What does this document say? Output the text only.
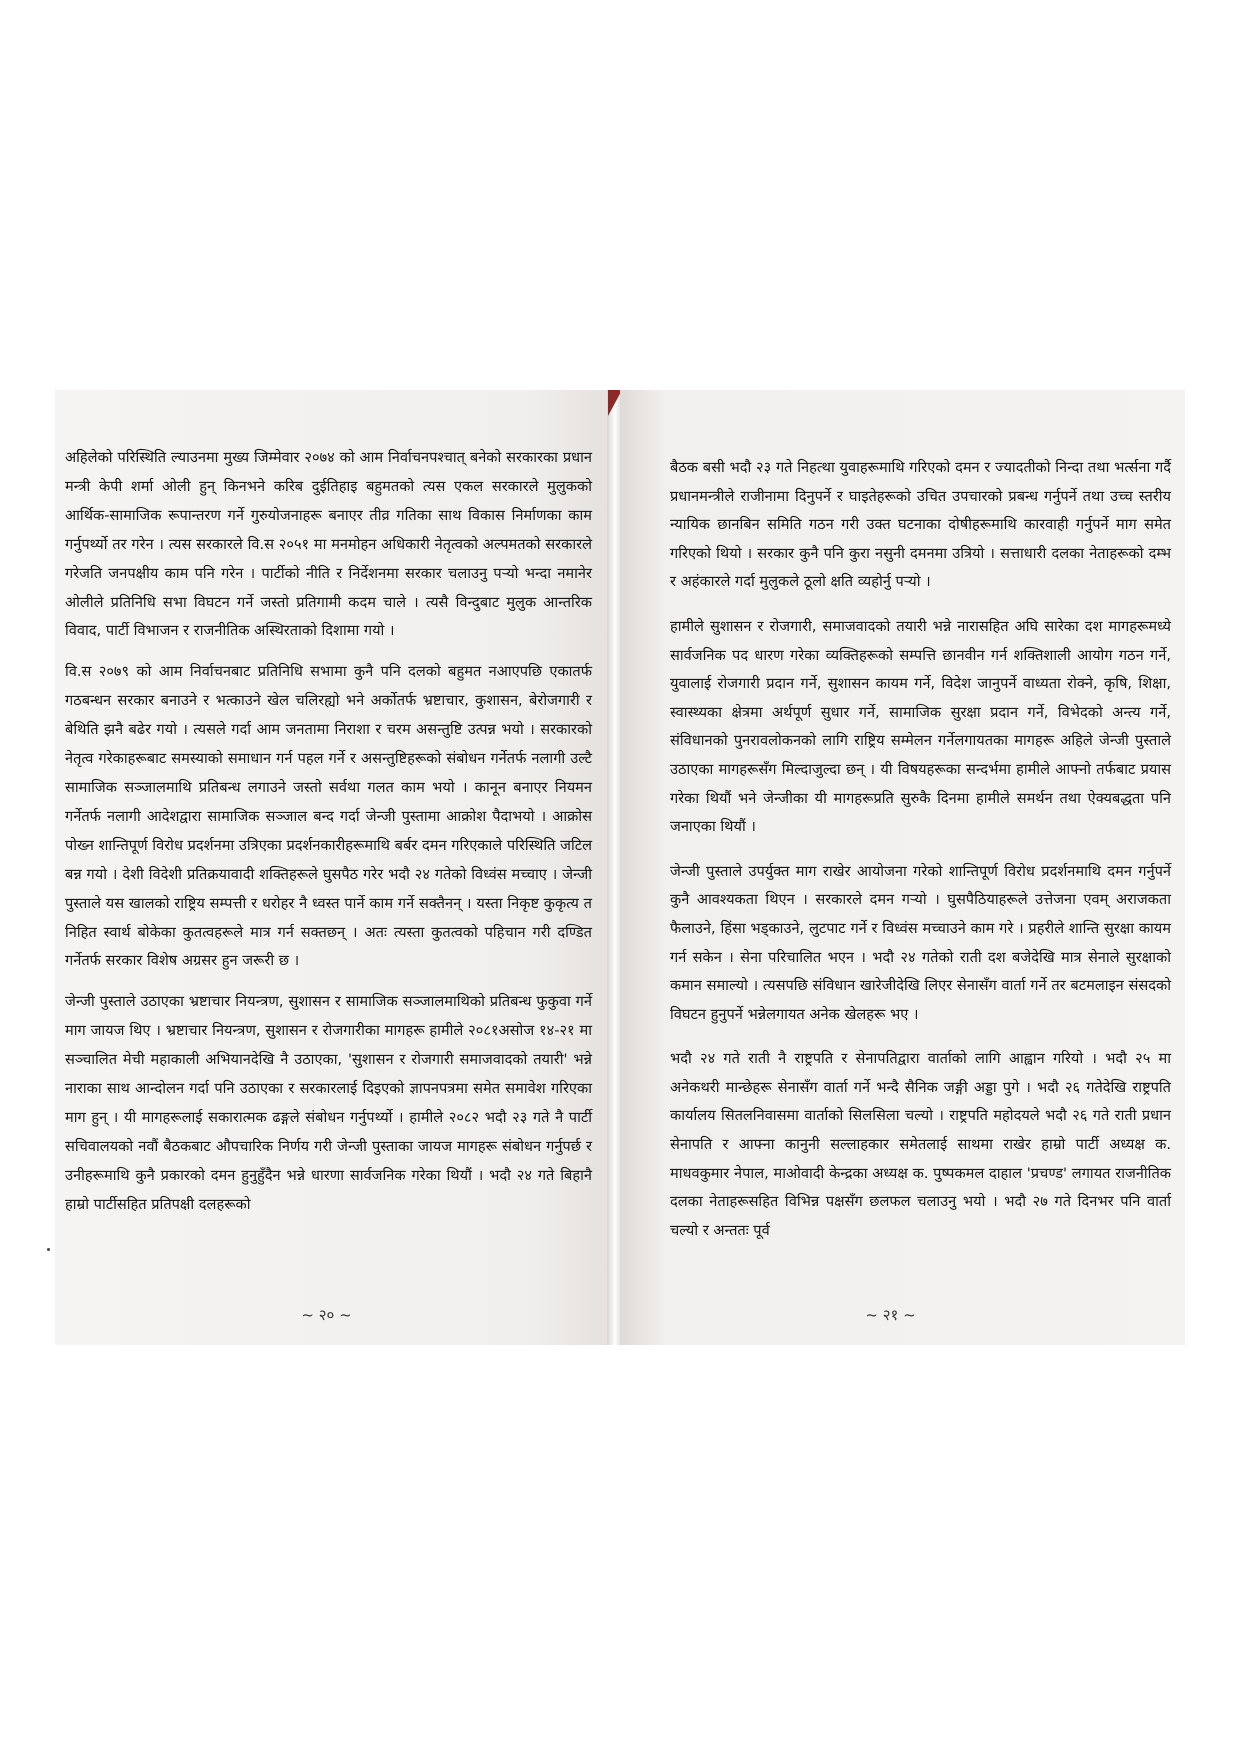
अहिलेको परिस्थिति ल्याउनमा मुख्य जिम्मेवार २०७४ को आम निर्वाचनपश्चात् बनेको सरकारका प्रधान मन्त्री केपी शर्मा ओली हुन् किनभने करिब दुईतिहाइ बहुमतको त्यस एकल सरकारले मुलुकको आर्थिक-सामाजिक रूपान्तरण गर्ने गुरुयोजनाहरू बनाएर तीव्र गतिका साथ विकास निर्माणका काम गर्नुपर्थ्यो तर गरेन । त्यस सरकारले वि.स २०५१ मा मनमोहन अधिकारी नेतृत्वको अल्पमतको सरकारले गरेजति जनपक्षीय काम पनि गरेन । पार्टीको नीति र निर्देशनमा सरकार चलाउनु पर्‍यो भन्दा नमानेर ओलीले प्रतिनिधि सभा विघटन गर्ने जस्तो प्रतिगामी कदम चाले । त्यसै विन्दुबाट मुलुक आन्तरिक विवाद, पार्टी विभाजन र राजनीतिक अस्थिरताको दिशामा गयो ।

वि.स २०७९ को आम निर्वाचनबाट प्रतिनिधि सभामा कुनै पनि दलको बहुमत नआएपछि एकातर्फ गठबन्धन सरकार बनाउने र भत्काउने खेल चलिरह्यो भने अर्कोतर्फ भ्रष्टाचार, कुशासन, बेरोजगारी र बेथिति झनै बढेर गयो । त्यसले गर्दा आम जनतामा निराशा र चरम असन्तुष्टि उत्पन्न भयो । सरकारको नेतृत्व गरेकाहरूबाट समस्याको समाधान गर्न पहल गर्ने र असन्तुष्टिहरूको संबोधन गर्नेतर्फ नलागी उल्टै सामाजिक सञ्जालमाथि प्रतिबन्ध लगाउने जस्तो सर्वथा गलत काम भयो । कानून बनाएर नियमन गर्नेतर्फ नलागी आदेशद्वारा सामाजिक सञ्जाल बन्द गर्दा जेन्जी पुस्तामा आक्रोश पैदाभयो । आक्रोस पोख्न शान्तिपूर्ण विरोध प्रदर्शनमा उत्रिएका प्रदर्शनकारीहरूमाथि बर्बर दमन गरिएकाले परिस्थिति जटिल बन्न गयो । देशी विदेशी प्रतिक्रयावादी शक्तिहरूले घुसपैठ गरेर भदौ २४ गतेको विध्वंस मच्चाए । जेन्जी पुस्ताले यस खालको राष्ट्रिय सम्पत्ती र धरोहर नै ध्वस्त पार्ने काम गर्ने सक्तैनन् । यस्ता निकृष्ट कुकृत्य त निहित स्वार्थ बोकेका कुतत्वहरूले मात्र गर्न सक्तछन् । अतः त्यस्ता कुतत्वको पहिचान गरी दण्डित गर्नेतर्फ सरकार विशेष अग्रसर हुन जरूरी छ ।

जेन्जी पुस्ताले उठाएका भ्रष्टाचार नियन्त्रण, सुशासन र सामाजिक सञ्जालमाथिको प्रतिबन्ध फुकुवा गर्ने माग जायज थिए । भ्रष्टाचार नियन्त्रण, सुशासन र रोजगारीका मागहरू हामीले २०८१असोज १४-२१ मा सञ्चालित मेची महाकाली अभियानदेखि नै उठाएका, 'सुशासन र रोजगारी समाजवादको तयारी' भन्ने नाराका साथ आन्दोलन गर्दा पनि उठाएका र सरकारलाई दिइएको ज्ञापनपत्रमा समेत समावेश गरिएका माग हुन् । यी मागहरूलाई सकारात्मक ढङ्गले संबोधन गर्नुपर्थ्यो । हामीले २०८२ भदौ २३ गते नै पार्टी सचिवालयको नवौं बैठकबाट औपचारिक निर्णय गरी जेन्जी पुस्ताका जायज मागहरू संबोधन गर्नुपर्छ र उनीहरूमाथि कुनै प्रकारको दमन हुनुहुँदैन भन्ने धारणा सार्वजनिक गरेका थियौं । भदौ २४ गते बिहानै हाम्रो पार्टीसहित प्रतिपक्षी दलहरूको

~ २० ~

बैठक बसी भदौ २३ गते निहत्था युवाहरूमाथि गरिएको दमन र ज्यादतीको निन्दा तथा भर्त्सना गर्दै प्रधानमन्त्रीले राजीनामा दिनुपर्ने र घाइतेहरूको उचित उपचारको प्रबन्ध गर्नुपर्ने तथा उच्च स्तरीय न्यायिक छानबिन समिति गठन गरी उक्त घटनाका दोषीहरूमाथि कारवाही गर्नुपर्ने माग समेत गरिएको थियो । सरकार कुनै पनि कुरा नसुनी दमनमा उत्रियो । सत्ताधारी दलका नेताहरूको दम्भ र अहंकारले गर्दा मुलुकले ठूलो क्षति व्यहोर्नु पर्‍यो ।

हामीले सुशासन र रोजगारी, समाजवादको तयारी भन्ने नारासहित अघि सारेका दश मागहरूमध्ये सार्वजनिक पद धारण गरेका व्यक्तिहरूको सम्पत्ति छानवीन गर्न शक्तिशाली आयोग गठन गर्ने, युवालाई रोजगारी प्रदान गर्ने, सुशासन कायम गर्ने, विदेश जानुपर्ने वाध्यता रोक्ने, कृषि, शिक्षा, स्वास्थ्यका क्षेत्रमा अर्थपूर्ण सुधार गर्ने, सामाजिक सुरक्षा प्रदान गर्ने, विभेदको अन्त्य गर्ने, संविधानको पुनरावलोकनको लागि राष्ट्रिय सम्मेलन गर्नेलगायतका मागहरू अहिले जेन्जी पुस्ताले उठाएका मागहरूसँग मिल्दाजुल्दा छन् । यी विषयहरूका सन्दर्भमा हामीले आफ्नो तर्फबाट प्रयास गरेका थियौं भने जेन्जीका यी मागहरूप्रति सुरुकै दिनमा हामीले समर्थन तथा ऐक्यबद्धता पनि जनाएका थियौं ।

जेन्जी पुस्ताले उपर्युक्त माग राखेर आयोजना गरेको शान्तिपूर्ण विरोध प्रदर्शनमाथि दमन गर्नुपर्ने कुनै आवश्यकता थिएन । सरकारले दमन गर्‍यो । घुसपैठियाहरूले उत्तेजना एवम् अराजकता फैलाउने, हिंसा भड्काउने, लुटपाट गर्ने र विध्वंस मच्चाउने काम गरे । प्रहरीले शान्ति सुरक्षा कायम गर्न सकेन । सेना परिचालित भएन । भदौ २४ गतेको राती दश बजेदेखि मात्र सेनाले सुरक्षाको कमान समाल्यो । त्यसपछि संविधान खारेजीदेखि लिएर सेनासँग वार्ता गर्ने तर बटमलाइन संसदको विघटन हुनुपर्ने भन्नेलगायत अनेक खेलहरू भए ।

भदौ २४ गते राती नै राष्ट्रपति र सेनापतिद्वारा वार्ताको लागि आह्वान गरियो । भदौ २५ मा अनेकथरी मान्छेहरू सेनासँग वार्ता गर्ने भन्दै सैनिक जङ्गी अड्डा पुगे । भदौ २६ गतेदेखि राष्ट्रपति कार्यालय सितलनिवासमा वार्ताको सिलसिला चल्यो । राष्ट्रपति महोदयले भदौ २६ गते राती प्रधान सेनापति र आफ्ना कानुनी सल्लाहकार समेतलाई साथमा राखेर हाम्रो पार्टी अध्यक्ष क. माधवकुमार नेपाल, माओवादी केन्द्रका अध्यक्ष क. पुष्पकमल दाहाल 'प्रचण्ड' लगायत राजनीतिक दलका नेताहरूसहित विभिन्न पक्षसँग छलफल चलाउनु भयो । भदौ २७ गते दिनभर पनि वार्ता चल्यो र अन्ततः पूर्व

~ २१ ~
